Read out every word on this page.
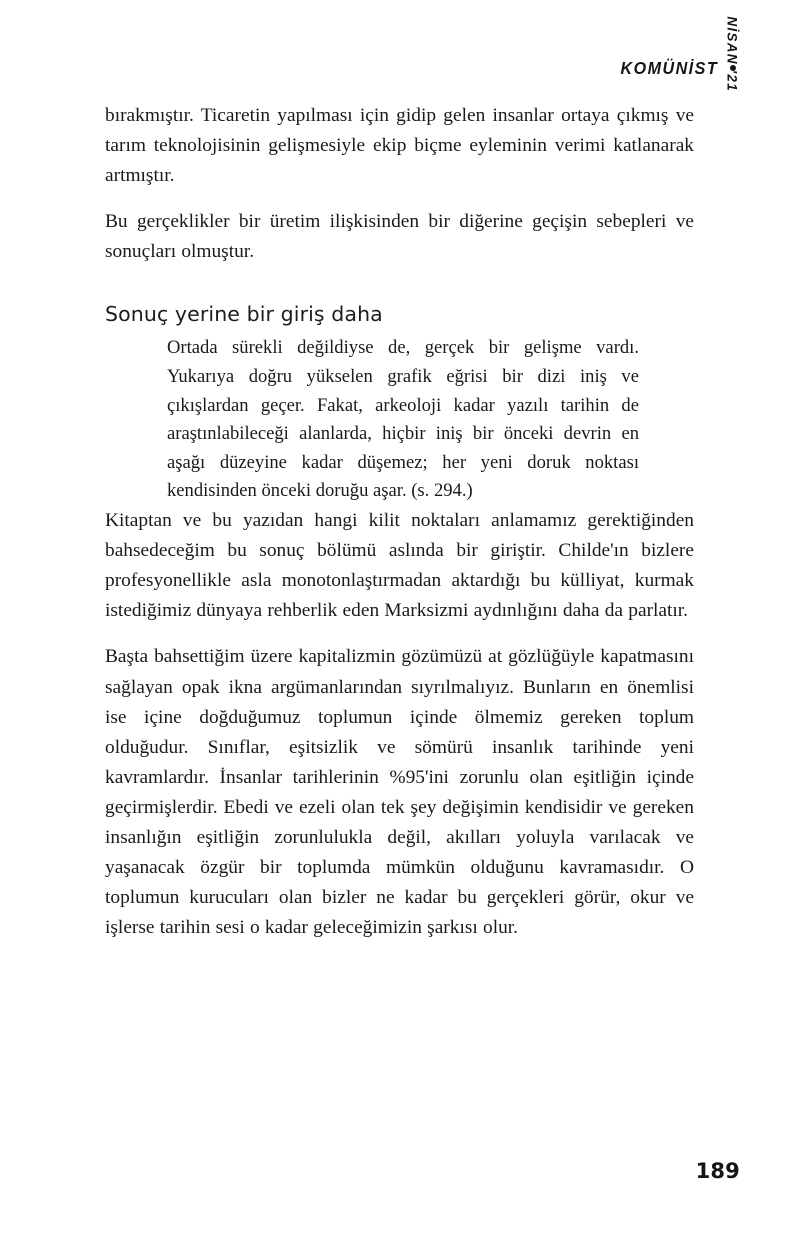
KOMÜNİST NİSAN '21

bırakmıştır. Ticaretin yapılması için gidip gelen insanlar ortaya çıkmış ve tarım teknolojisinin gelişmesiyle ekip biçme eyleminin verimi katlanarak artmıştır.

Bu gerçeklikler bir üretim ilişkisinden bir diğerine geçişin sebepleri ve sonuçları olmuştur.

Sonuç yerine bir giriş daha

Ortada sürekli değildiyse de, gerçek bir gelişme vardı. Yukarıya doğru yükselen grafik eğrisi bir dizi iniş ve çıkışlardan geçer. Fakat, arkeoloji kadar yazılı tarihin de araştınlabileceği alanlarda, hiçbir iniş bir önceki devrin en aşağı düzeyine kadar düşemez; her yeni doruk noktası kendisinden önceki doruğu aşar. (s. 294.)

Kitaptan ve bu yazıdan hangi kilit noktaları anlamamız gerektiğinden bahsedeceğim bu sonuç bölümü aslında bir giriştir. Childe'ın bizlere profesyonellikle asla monotonlaştırmadan aktardığı bu külliyat, kurmak istediğimiz dünyaya rehberlik eden Marksizmi aydınlığını daha da parlatır.

Başta bahsettiğim üzere kapitalizmin gözümüzü at gözlüğüyle kapatmasını sağlayan opak ikna argümanlarından sıyrılmalıyız. Bunların en önemlisi ise içine doğduğumuz toplumun içinde ölmemiz gereken toplum olduğudur. Sınıflar, eşitsizlik ve sömürü insanlık tarihinde yeni kavramlardır. İnsanlar tarihlerinin %95'ini zorunlu olan eşitliğin içinde geçirmişlerdir. Ebedi ve ezeli olan tek şey değişimin kendisidir ve gereken insanlığın eşitliğin zorunlulukla değil, akılları yoluyla varılacak ve yaşanacak özgür bir toplumda mümkün olduğunu kavramasıdır. O toplumun kurucuları olan bizler ne kadar bu gerçekleri görür, okur ve işlerse tarihin sesi o kadar geleceğimizin şarkısı olur.

189
